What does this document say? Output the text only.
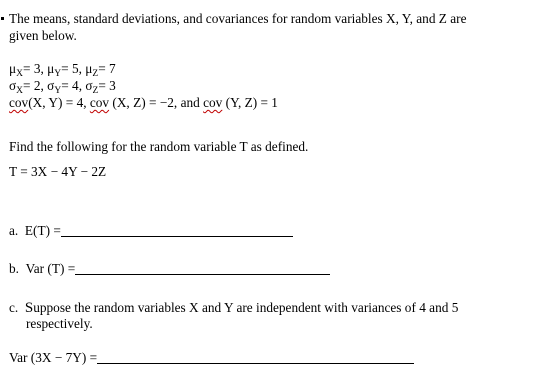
The means, standard deviations, and covariances for random variables X, Y, and Z are
given below.
$\mu_X= 3$, $\mu_Y= 5$, $\mu_Z= 7$
$\sigma_X= 2$, $\sigma_Y= 4$, $\sigma_Z= 3$
cov(X, Y) = 4, cov (X, Z) = −2, and cov (Y, Z) = 1
Find the following for the random variable T as defined.
T = 3X − 4Y − 2Z
a. E(T) =
b. Var (T) =
c. Suppose the random variables X and Y are independent with variances of 4 and 5
respectively.
Var (3X − 7Y) =
